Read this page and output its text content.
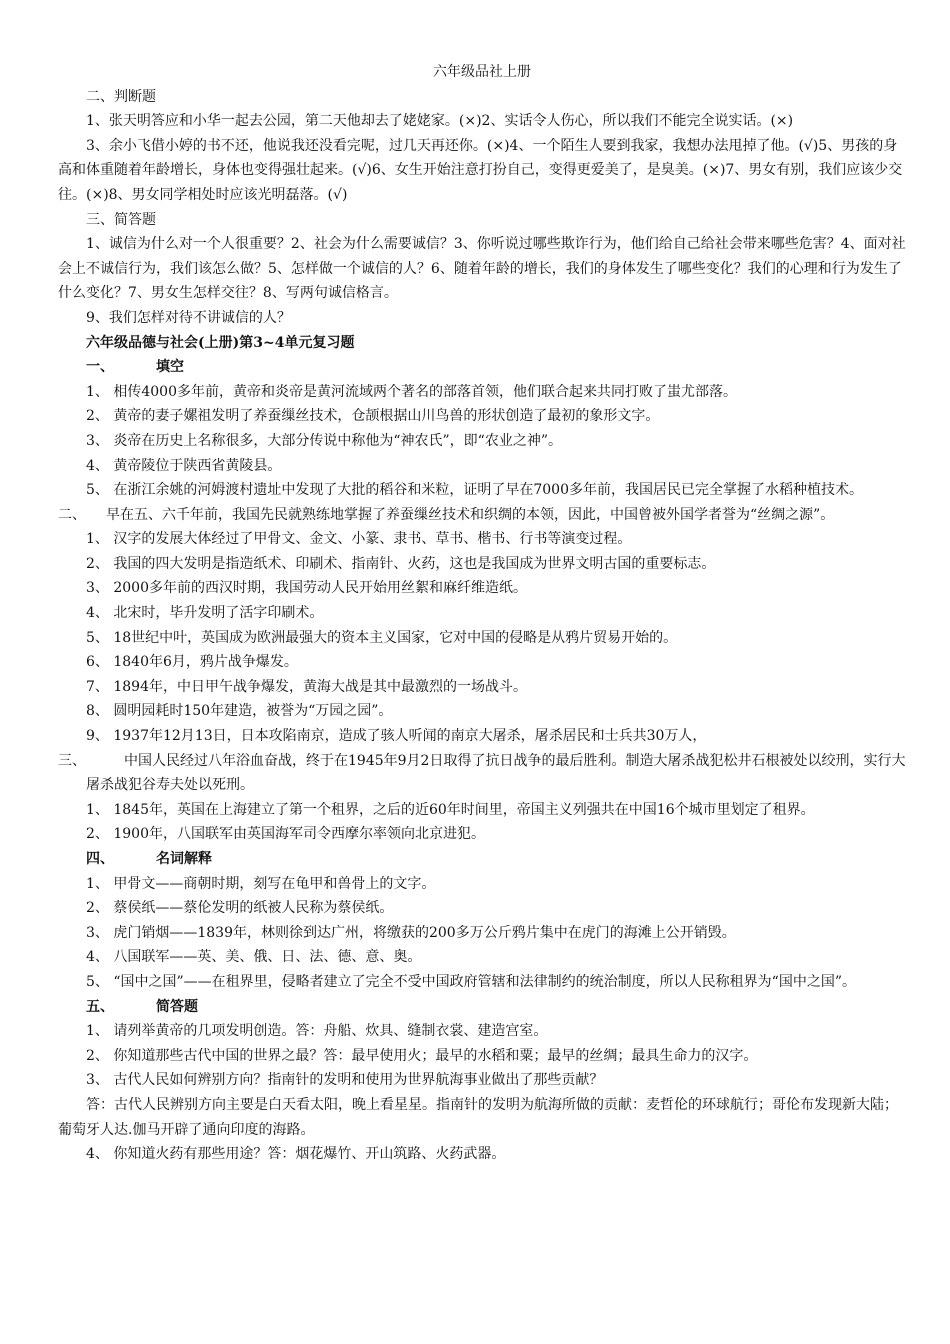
六年级品社上册

二、判断题

1、张天明答应和小华一起去公园，第二天他却去了姥姥家。(×)2、实话令人伤心，所以我们不能完全说实话。(×)

3、余小飞借小婷的书不还，他说我还没看完呢，过几天再还你。(×)4、一个陌生人要到我家，我想办法甩掉了他。(√)5、男孩的身高和体重随着年龄增长，身体也变得强壮起来。(√)6、女生开始注意打扮自己，变得更爱美了，是臭美。(×)7、男女有别，我们应该少交往。(×)8、男女同学相处时应该光明磊落。(√)

三、简答题

1、诚信为什么对一个人很重要？2、社会为什么需要诚信？3、你听说过哪些欺诈行为，他们给自己给社会带来哪些危害？4、面对社会上不诚信行为，我们该怎么做？5、怎样做一个诚信的人？6、随着年龄的增长，我们的身体发生了哪些变化？我们的心理和行为发生了什么变化？7、男女生怎样交往？8、写两句诚信格言。

9、我们怎样对待不讲诚信的人？

六年级品德与社会(上册)第3~4单元复习题

一、	填空

1、 相传4000多年前，黄帝和炎帝是黄河流域两个著名的部落首领，他们联合起来共同打败了蚩尤部落。

2、 黄帝的妻子嫘祖发明了养蚕缫丝技术，仓颉根据山川鸟兽的形状创造了最初的象形文字。

3、 炎帝在历史上名称很多，大部分传说中称他为“神农氏”，即“农业之神”。

4、 黄帝陵位于陕西省黄陵县。

5、 在浙江余姚的河姆渡村遗址中发现了大批的稻谷和米粒，证明了早在7000多年前，我国居民已完全掌握了水稻种植技术。

二、	早在五、六千年前，我国先民就熟练地掌握了养蚕缫丝技术和织绸的本领，因此，中国曾被外国学者誉为“丝绸之源”。

1、 汉字的发展大体经过了甲骨文、金文、小篆、隶书、草书、楷书、行书等演变过程。

2、 我国的四大发明是指造纸术、印刷术、指南针、火药，这也是我国成为世界文明古国的重要标志。

3、 2000多年前的西汉时期，我国劳动人民开始用丝絮和麻纤维造纸。

4、 北宋时，毕升发明了活字印刷术。

5、 18世纪中叶，英国成为欧洲最强大的资本主义国家，它对中国的侵略是从鸦片贸易开始的。

6、 1840年6月，鸦片战争爆发。

7、 1894年，中日甲午战争爆发，黄海大战是其中最激烈的一场战斗。

8、 圆明园耗时150年建造，被誉为“万园之园”。

9、 1937年12月13日，日本攻陷南京，造成了骇人听闻的南京大屠杀，屠杀居民和士兵共30万人，

三、	中国人民经过八年浴血奋战，终于在1945年9月2日取得了抗日战争的最后胜利。制造大屠杀战犯松井石根被处以绞刑，实行大屠杀战犯谷寿夫处以死刑。

1、 1845年，英国在上海建立了第一个租界，之后的近60年时间里，帝国主义列强共在中国16个城市里划定了租界。

2、 1900年，八国联军由英国海军司令西摩尔率领向北京进犯。

四、	名词解释

1、 甲骨文——商朝时期，刻写在龟甲和兽骨上的文字。

2、 蔡侯纸——蔡伦发明的纸被人民称为蔡侯纸。

3、 虎门销烟——1839年，林则徐到达广州，将缴获的200多万公斤鸦片集中在虎门的海滩上公开销毁。

4、 八国联军——英、美、俄、日、法、德、意、奥。

5、 “国中之国”——在租界里，侵略者建立了完全不受中国政府管辖和法律制约的统治制度，所以人民称租界为“国中之国”。

五、	简答题

1、 请列举黄帝的几项发明创造。答：舟船、炊具、缝制衣裳、建造宫室。

2、 你知道那些古代中国的世界之最？答：最早使用火；最早的水稻和粟；最早的丝绸；最具生命力的汉字。

3、 古代人民如何辨别方向？指南针的发明和使用为世界航海事业做出了那些贡献？

答：古代人民辨别方向主要是白天看太阳，晚上看星星。指南针的发明为航海所做的贡献：麦哲伦的环球航行；哥伦布发现新大陆；葡萄牙人达.伽马开辟了通向印度的海路。

4、 你知道火药有那些用途？答：烟花爆竹、开山筑路、火药武器。
